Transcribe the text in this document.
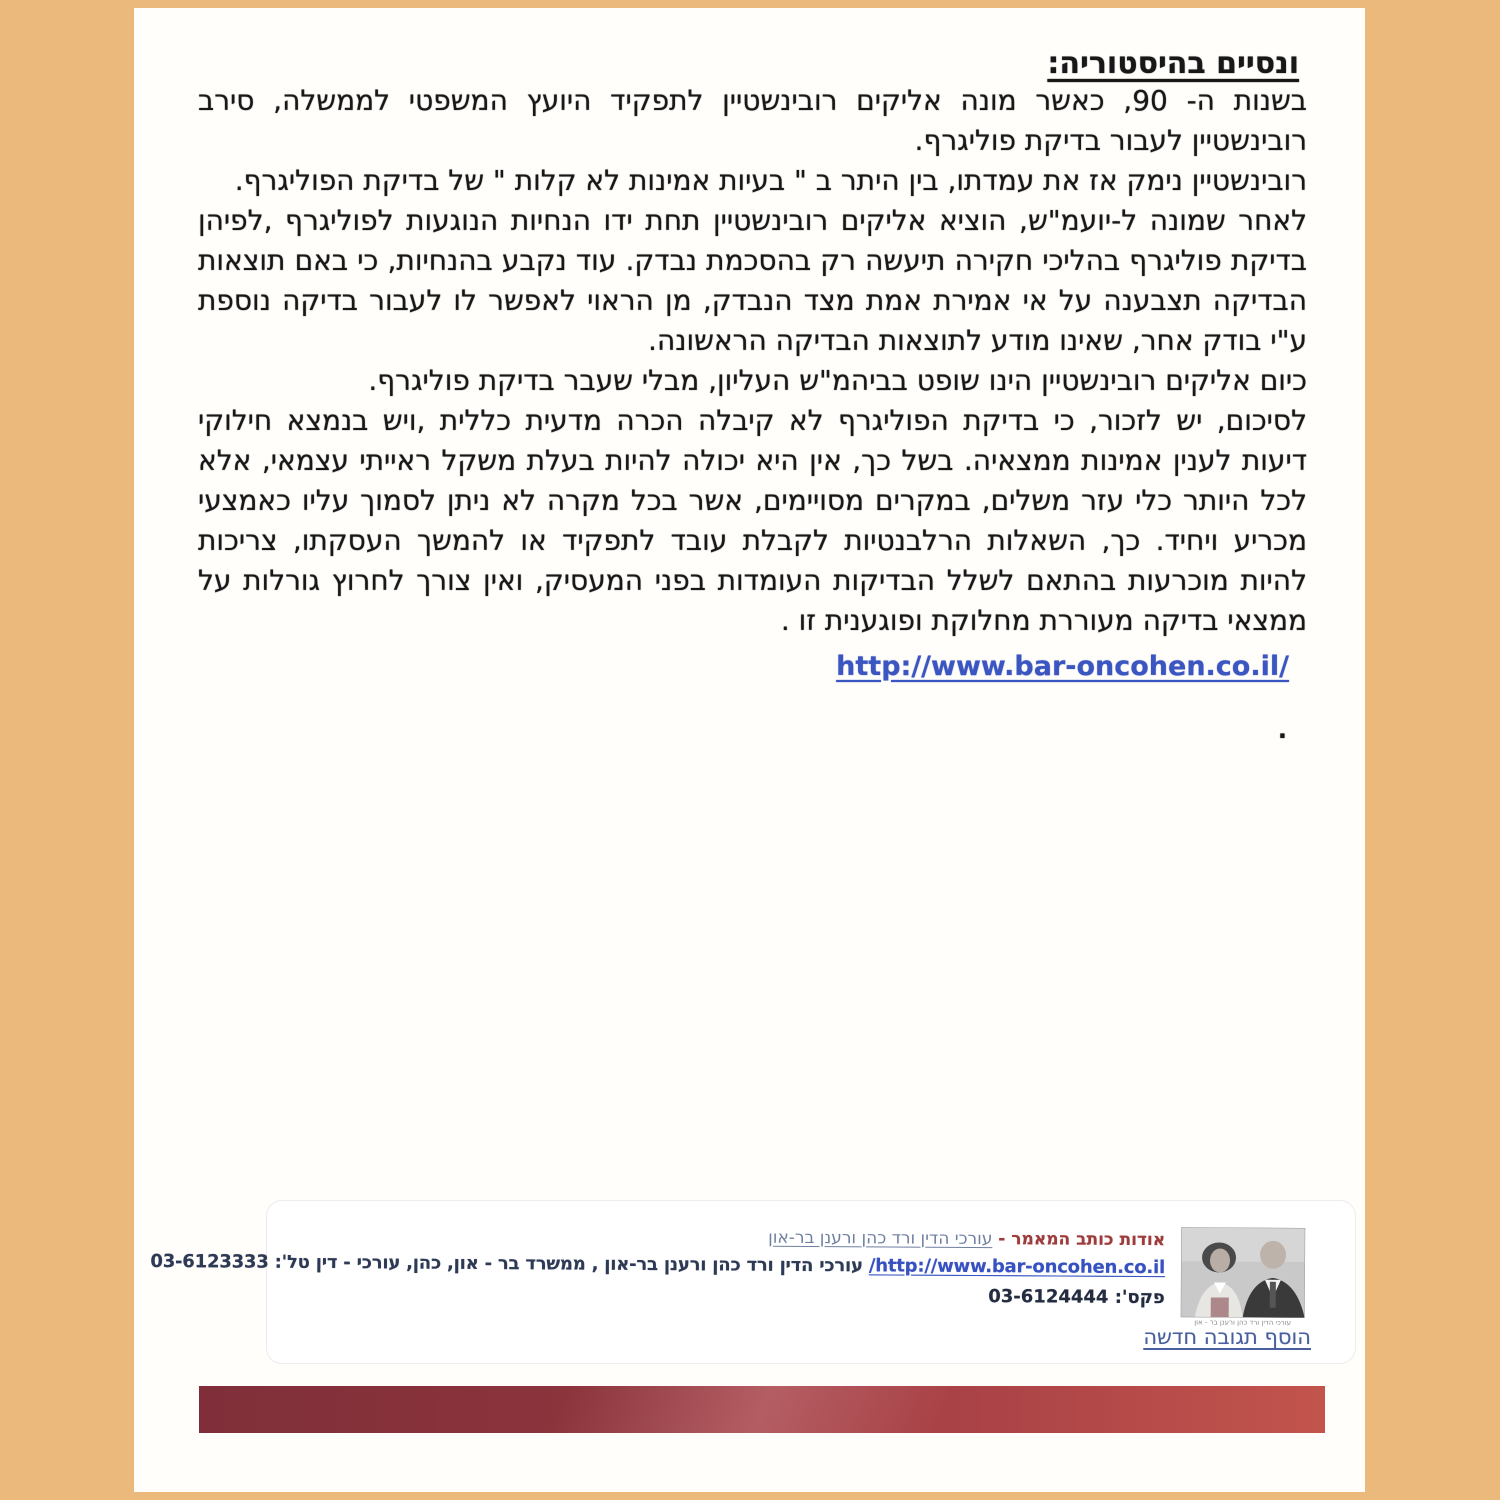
ונסיים בהיסטוריה:

בשנות ה- 90, כאשר מונה אליקים רובינשטיין לתפקיד היועץ המשפטי לממשלה, סירב רובינשטיין לעבור בדיקת פוליגרף.

רובינשטיין נימק אז את עמדתו, בין היתר ב " בעיות אמינות לא קלות " של בדיקת הפוליגרף.

לאחר שמונה ל-יועמ"ש, הוציא אליקים רובינשטיין תחת ידו הנחיות הנוגעות לפוליגרף ,לפיהן בדיקת פוליגרף בהליכי חקירה תיעשה רק בהסכמת נבדק. עוד נקבע בהנחיות, כי באם תוצאות הבדיקה תצבענה על אי אמירת אמת מצד הנבדק, מן הראוי לאפשר לו לעבור בדיקה נוספת ע"י בודק אחר, שאינו מודע לתוצאות הבדיקה הראשונה.

כיום אליקים רובינשטיין הינו שופט בביהמ"ש העליון, מבלי שעבר בדיקת פוליגרף.

לסיכום, יש לזכור, כי בדיקת הפוליגרף לא קיבלה הכרה מדעית כללית ,ויש בנמצא חילוקי דיעות לענין אמינות ממצאיה. בשל כך, אין היא יכולה להיות בעלת משקל ראייתי עצמאי, אלא לכל היותר כלי עזר משלים, במקרים מסויימים, אשר בכל מקרה לא ניתן לסמוך עליו כאמצעי מכריע ויחיד. כך, השאלות הרלבנטיות לקבלת עובד לתפקיד או להמשך העסקתו, צריכות להיות מוכרעות בהתאם לשלל הבדיקות העומדות בפני המעסיק, ואין צורך לחרוץ גורלות על ממצאי בדיקה מעוררת מחלוקת ופוגענית זו .

http://www.bar-oncohen.co.il/
.
עורכי הדין ורד כהן ורענן בר - און
אודות כותב המאמר - עורכי הדין ורד כהן ורענן בר-און
/http://www.bar-oncohen.co.il עורכי הדין ורד כהן ורענן בר-און , ממשרד בר - און, כהן, עורכי - דין טל': 03-6123333
פקס': 03-6124444
הוסף תגובה חדשה
